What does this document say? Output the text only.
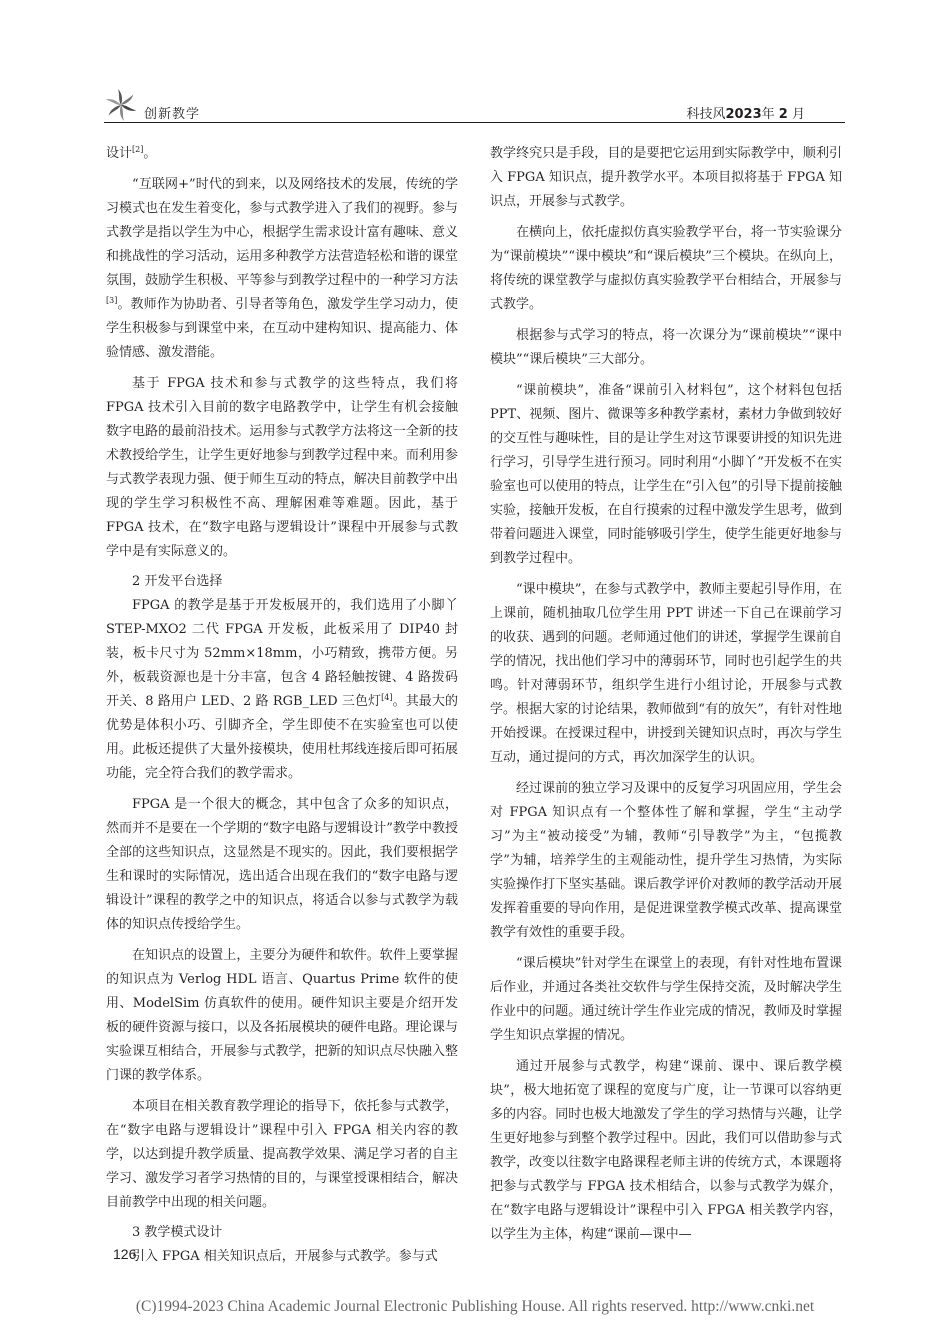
创新教学	科技风2023年 2 月

设计[2]。

“互联网+”时代的到来，以及网络技术的发展，传统的学习模式也在发生着变化，参与式教学进入了我们的视野。参与式教学是指以学生为中心，根据学生需求设计富有趣味、意义和挑战性的学习活动，运用多种教学方法营造轻松和谐的课堂氛围，鼓励学生积极、平等参与到教学过程中的一种学习方法[3]。教师作为协助者、引导者等角色，激发学生学习动力，使学生积极参与到课堂中来，在互动中建构知识、提高能力、体验情感、激发潜能。

基于 FPGA 技术和参与式教学的这些特点，我们将 FPGA 技术引入目前的数字电路教学中，让学生有机会接触数字电路的最前沿技术。运用参与式教学方法将这一全新的技术教授给学生，让学生更好地参与到教学过程中来。而利用参与式教学表现力强、便于师生互动的特点，解决目前教学中出现的学生学习积极性不高、理解困难等难题。因此，基于 FPGA 技术，在“数字电路与逻辑设计”课程中开展参与式教学中是有实际意义的。

2 开发平台选择

FPGA 的教学是基于开发板展开的，我们选用了小脚丫 STEP-MXO2 二代 FPGA 开发板，此板采用了 DIP40 封装，板卡尺寸为 52mm×18mm，小巧精致，携带方便。另外，板载资源也是十分丰富，包含 4 路轻触按键、4 路拨码开关、8 路用户 LED、2 路 RGB_LED 三色灯[4]。其最大的优势是体积小巧、引脚齐全，学生即使不在实验室也可以使用。此板还提供了大量外接模块，使用杜邦线连接后即可拓展功能，完全符合我们的教学需求。

FPGA 是一个很大的概念，其中包含了众多的知识点，然而并不是要在一个学期的“数字电路与逻辑设计”教学中教授全部的这些知识点，这显然是不现实的。因此，我们要根据学生和课时的实际情况，选出适合出现在我们的“数字电路与逻辑设计”课程的教学之中的知识点，将适合以参与式教学为载体的知识点传授给学生。

在知识点的设置上，主要分为硬件和软件。软件上要掌握的知识点为 Verlog HDL 语言、Quartus Prime 软件的使用、ModelSim 仿真软件的使用。硬件知识主要是介绍开发板的硬件资源与接口，以及各拓展模块的硬件电路。理论课与实验课互相结合，开展参与式教学，把新的知识点尽快融入整门课的教学体系。

本项目在相关教育教学理论的指导下，依托参与式教学，在“数字电路与逻辑设计”课程中引入 FPGA 相关内容的教学，以达到提升教学质量、提高教学效果、满足学习者的自主学习、激发学习者学习热情的目的，与课堂授课相结合，解决目前教学中出现的相关问题。

3 教学模式设计

引入 FPGA 相关知识点后，开展参与式教学。参与式

教学终究只是手段，目的是要把它运用到实际教学中，顺利引入 FPGA 知识点，提升教学水平。本项目拟将基于 FPGA 知识点，开展参与式教学。

在横向上，依托虚拟仿真实验教学平台，将一节实验课分为“课前模块”“课中模块”和“课后模块”三个模块。在纵向上，将传统的课堂教学与虚拟仿真实验教学平台相结合，开展参与式教学。

根据参与式学习的特点，将一次课分为“课前模块”“课中模块”“课后模块”三大部分。

“课前模块”，准备“课前引入材料包”，这个材料包包括 PPT、视频、图片、微课等多种教学素材，素材力争做到较好的交互性与趣味性，目的是让学生对这节课要讲授的知识先进行学习，引导学生进行预习。同时利用“小脚丫”开发板不在实验室也可以使用的特点，让学生在“引入包”的引导下提前接触实验，接触开发板，在自行摸索的过程中激发学生思考，做到带着问题进入课堂，同时能够吸引学生，使学生能更好地参与到教学过程中。

“课中模块”，在参与式教学中，教师主要起引导作用，在上课前，随机抽取几位学生用 PPT 讲述一下自己在课前学习的收获、遇到的问题。老师通过他们的讲述，掌握学生课前自学的情况，找出他们学习中的薄弱环节，同时也引起学生的共鸣。针对薄弱环节，组织学生进行小组讨论，开展参与式教学。根据大家的讨论结果，教师做到“有的放矢”，有针对性地开始授课。在授课过程中，讲授到关键知识点时，再次与学生互动，通过提问的方式，再次加深学生的认识。

经过课前的独立学习及课中的反复学习巩固应用，学生会对 FPGA 知识点有一个整体性了解和掌握，学生“主动学习”为主“被动接受”为辅，教师“引导教学”为主，“包揽教学”为辅，培养学生的主观能动性，提升学生习热情，为实际实验操作打下坚实基础。课后教学评价对教师的教学活动开展发挥着重要的导向作用，是促进课堂教学模式改革、提高课堂教学有效性的重要手段。

“课后模块”针对学生在课堂上的表现，有针对性地布置课后作业，并通过各类社交软件与学生保持交流，及时解决学生作业中的问题。通过统计学生作业完成的情况，教师及时掌握学生知识点掌握的情况。

通过开展参与式教学，构建“课前、课中、课后教学模块”，极大地拓宽了课程的宽度与广度，让一节课可以容纳更多的内容。同时也极大地激发了学生的学习热情与兴趣，让学生更好地参与到整个教学过程中。因此，我们可以借助参与式教学，改变以往数字电路课程老师主讲的传统方式，本课题将把参与式教学与 FPGA 技术相结合，以参与式教学为媒介，在“数字电路与逻辑设计”课程中引入 FPGA 相关教学内容，以学生为主体，构建“课前—课中—

126
(C)1994-2023 China Academic Journal Electronic Publishing House. All rights reserved. http://www.cnki.net
